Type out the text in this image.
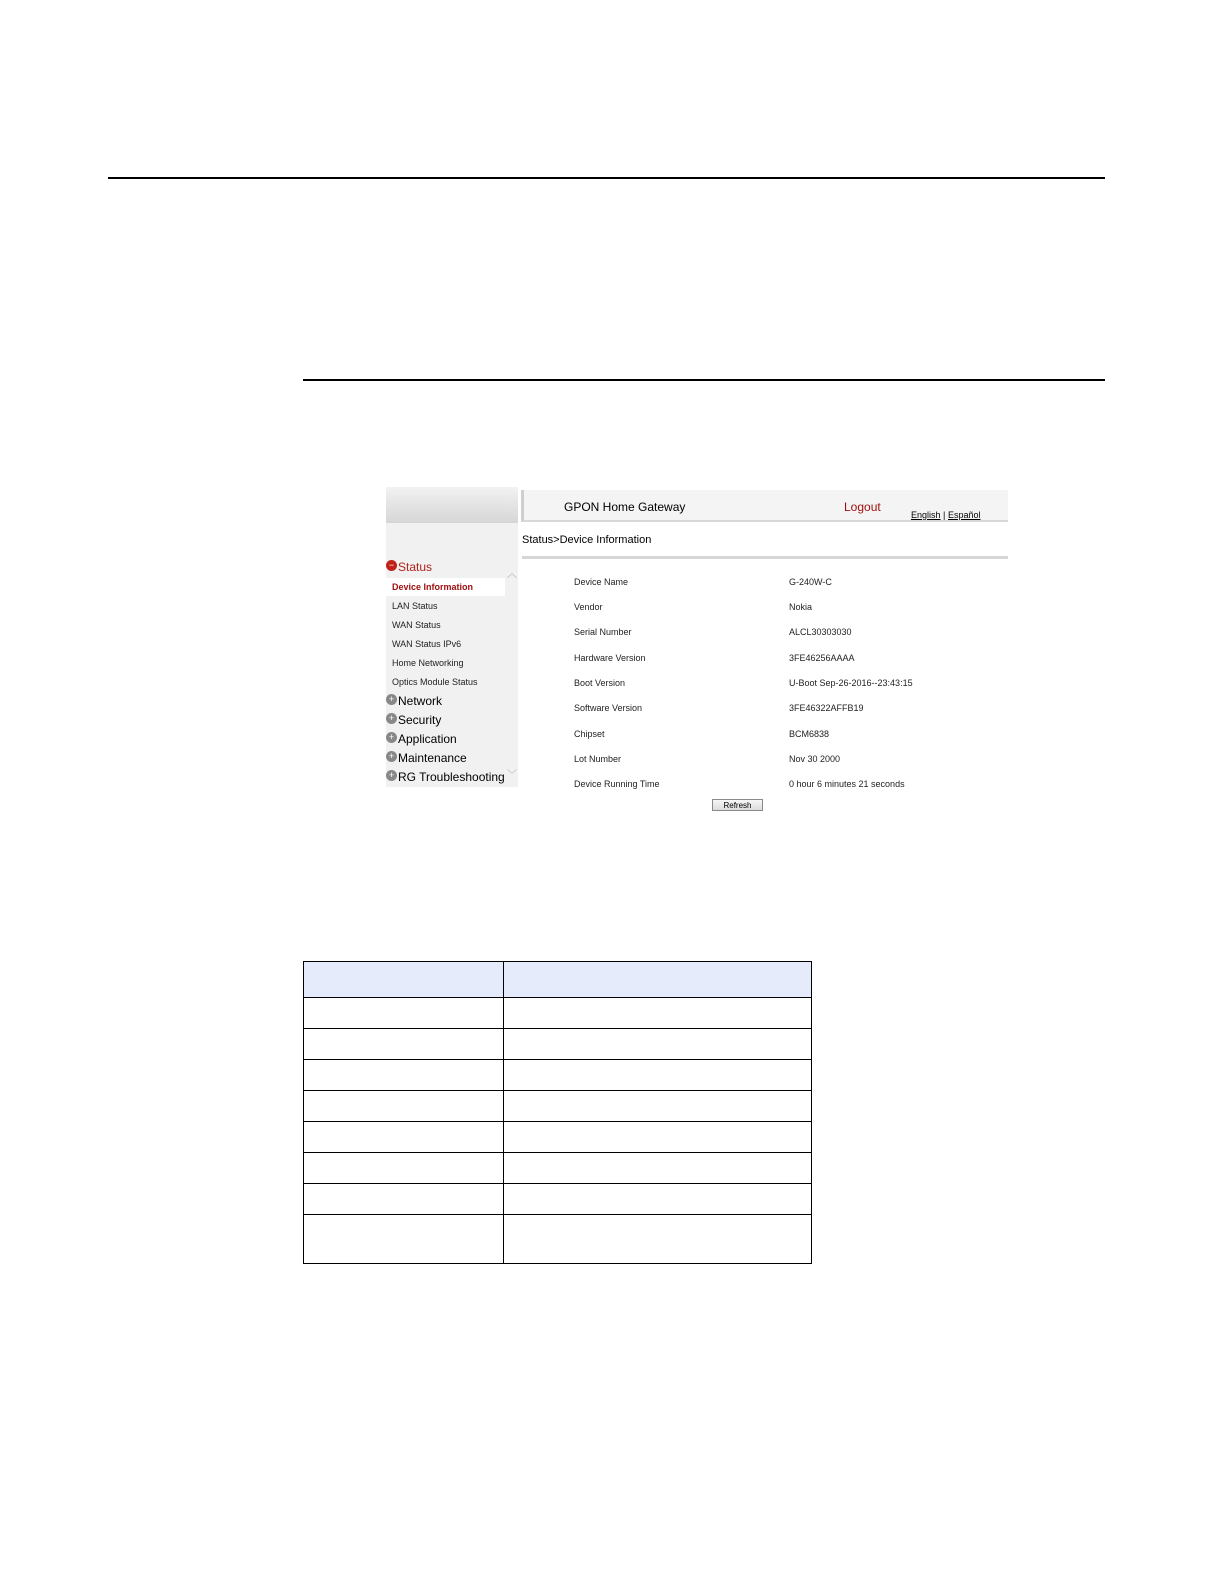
− Status
Device Information
LAN Status
WAN Status
WAN Status IPv6
Home Networking
Optics Module Status
+ Network
+ Security
+ Application
+ Maintenance
+ RG Troubleshooting
︿
﹀
GPON Home Gateway	Logout
English | Español
Status>Device Information
Device Name	G-240W-C
Vendor	Nokia
Serial Number	ALCL30303030
Hardware Version	3FE46256AAAA
Boot Version	U-Boot Sep-26-2016--23:43:15
Software Version	3FE46322AFFB19
Chipset	BCM6838
Lot Number	Nov 30 2000
Device Running Time	0 hour 6 minutes 21 seconds
Refresh
